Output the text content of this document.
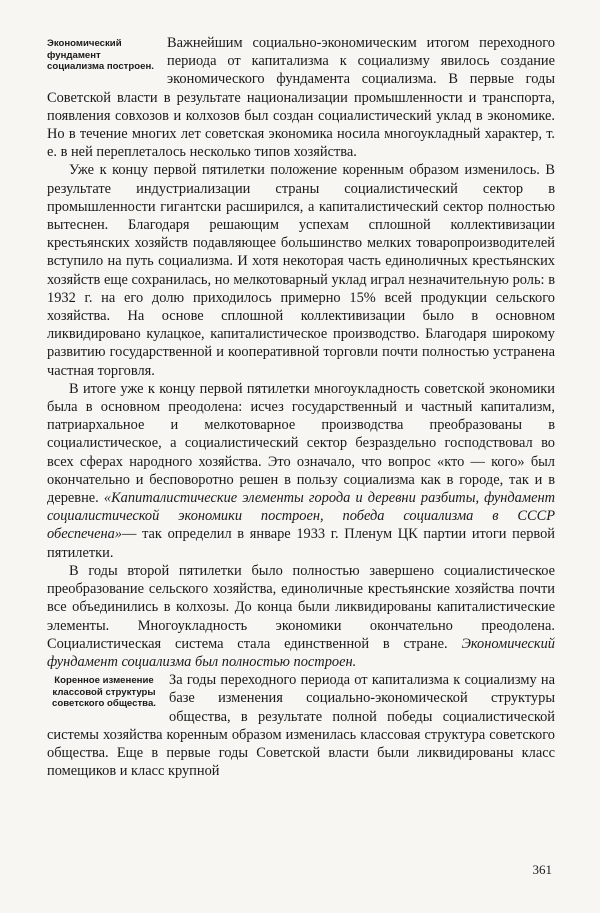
Экономический фундамент социализма построен.

Важнейшим социально-экономическим итогом переходного периода от капитализма к социализму явилось создание экономического фундамента социализма. В первые годы Советской власти в результате национализации промышленности и транспорта, появления совхозов и колхозов был создан социалистический уклад в экономике. Но в течение многих лет советская экономика носила многоукладный характер, т. е. в ней переплеталось несколько типов хозяйства.

Уже к концу первой пятилетки положение коренным образом изменилось. В результате индустриализации страны социалистический сектор в промышленности гигантски расширился, а капиталистический сектор полностью вытеснен. Благодаря решающим успехам сплошной коллективизации крестьянских хозяйств подавляющее большинство мелких товаропроизводителей вступило на путь социализма. И хотя некоторая часть единоличных крестьянских хозяйств еще сохранилась, но мелкотоварный уклад играл незначительную роль: в 1932 г. на его долю приходилось примерно 15% всей продукции сельского хозяйства. На основе сплошной коллективизации было в основном ликвидировано кулацкое, капиталистическое производство. Благодаря широкому развитию государственной и кооперативной торговли почти полностью устранена частная торговля.

В итоге уже к концу первой пятилетки многоукладность советской экономики была в основном преодолена: исчез государственный и частный капитализм, патриархальное и мелкотоварное производства преобразованы в социалистическое, а социалистический сектор безраздельно господствовал во всех сферах народного хозяйства. Это означало, что вопрос «кто — кого» был окончательно и бесповоротно решен в пользу социализма как в городе, так и в деревне. «Капиталистические элементы города и деревни разбиты, фундамент социалистической экономики построен, победа социализма в СССР обеспечена»— так определил в январе 1933 г. Пленум ЦК партии итоги первой пятилетки.

В годы второй пятилетки было полностью завершено социалистическое преобразование сельского хозяйства, единоличные крестьянские хозяйства почти все объединились в колхозы. До конца были ликвидированы капиталистические элементы. Многоукладность экономики окончательно преодолена. Социалистическая система стала единственной в стране. Экономический фундамент социализма был полностью построен.

Коренное изменение классовой структуры советского общества.

За годы переходного периода от капитализма к социализму на базе изменения социально-экономической структуры общества, в результате полной победы социалистической системы хозяйства коренным образом изменилась классовая структура советского общества. Еще в первые годы Советской власти были ликвидированы класс помещиков и класс крупной

361
